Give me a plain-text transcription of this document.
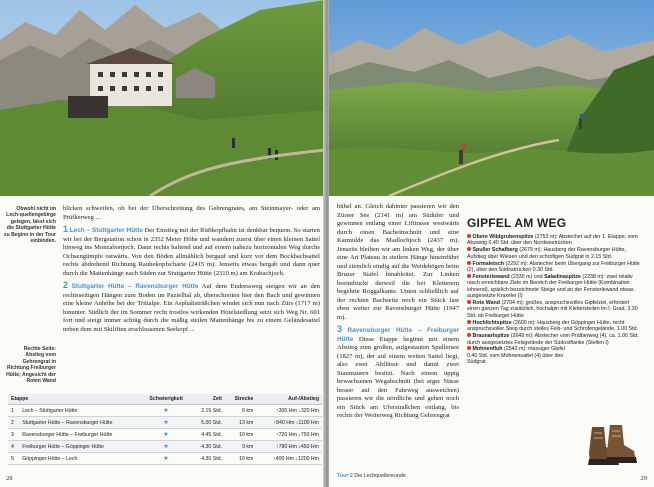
Obwohl nicht im Lech-quellengebirge gelegen, lässt sich die Stuttgarter Hütte zu Beginn in der Tour einbinden.
Rechte Seite: Abstieg vom Gehrengrat in Richtung Freiburger Hütte; Angesicht der Roten Wand

blicken schweifen, ob bei der Überschreitung des Gehrengrates, am Steinmayer- oder am Prüfkerweg ...

1 Lech – Stuttgarter Hütte Der Einstieg mit der Rüfikopfbahn ist denkbar bequem. So starten wir bei der Bergstation schon in 2352 Meter Höhe und wandern zuerst über einen kleinen Sattel hinweg ins Monzabonjoch. Dann rechts haltend und auf einem nahezu horizontalen Weg durchs Ochsengümpfe ostwärts. Von den Böden allmählich bergauf und kurz vor dem Bockbachsattel rechts abdrehend Richtung Rauhekopfscharte (2415 m). Jenseits etwas bergab und dann quer durch die Mattenhänge nach Süden zur Stuttgarter Hütte (2310 m) am Krabachjoch.

2 Stuttgarter Hütte – Ravensburger Hütte Auf dem Endressweg steigen wir an den rechtsseitigen Hängen zum Boden im Pazielltal ab, überschreiten hier den Bach und gewinnen eine kleine Anhöhe bei der Trittalpe. Ein Asphaltsträßchen windet sich nun nach Zürs (1717 m) hinunter. Südlich der im Sommer recht trostlos wirkenden Hotelsiedlung setzt sich Weg Nr. 601 fort und steigt immer schräg durch die mäßig steilen Mattenhänge bis zu einem Geländesattel neben dem mit Skiliften erschlossenen Seekopf ...

Etappe		Schwierigkeit	Zeit	Strecke	Auf-/Abstieg
1	Lech – Stuttgarter Hütte	★	2.15 Std.	6 km	↑300 Hm ↓320 Hm
2	Stuttgarter Hütte – Ravensburger Hütte	★	5.00 Std.	13 km	↑840 Hm ↓1100 Hm
3	Ravensburger Hütte – Freiburger Hütte	★	4.45 Std.	10 km	↑720 Hm ↓750 Hm
4	Freiburger Hütte – Göppinger Hütte	★	4.30 Std.	9 km	↑780 Hm ↓450 Hm
5	Göppinger Hütte – Lech	★	4.30 Std.	10 km	↑400 Hm ↓1200 Hm
28

bühel an. Gleich dahinter passieren wir den Zürser See (2141 m) am Südufer und gewinnen entlang einer Lifttrasse westwärts durch einen Bacheinschnitt und eine Karmulde das Madlochjoch (2437 m). Jenseits bleiben wir am linken Weg, der über eine Art Plateau in steilere Hänge hineinführt und ziemlich eindig auf die Weidebögen beim Bruzer Stafel hinableitet. Zur Linken beeindruckt derweil die bei Kletterern begehrte Roggalkante. Unten schließlich auf der rechten Bachseite noch ein Stück fast eben weiter zur Ravensburger Hütte (1947 m).

3 Ravensburger Hütte – Freiburger Hütte Diese Etappe beginnt mit einem Abstieg zum großen, aufgestauten Spullersee (1827 m), der auf einem weiten Sattel liegt, also zwei Abflüsse und damit zwei Staumauern besitzt. Nach einem üppig bewachsenen Wegabschnitt (bei arger Nässe besser auf den Fahrweg ausweichen) passieren wir die nördliche und gehen noch ein Stück am Uferstraßchen entlang, bis rechts der Weiterweg Richtung Gehrengrat

GIPFEL AM WEG
Obere Wildgrubenspitze (2753 m): Abstecher auf der 1. Etappe, vom Abzweig 0.40 Std. über den Nordwestrücken
Spuller Schafberg (2679 m): Hausberg der Ravensburger Hütte, Aufstieg über Wiesen und den schrofigen Südgrat in 2.15 Std.
Formaletsch (2292 m): Abstecher beim Übergang zur Freiburger Hütte (2), über den Südostrücken 0.30 Std.
Fensterlewand (2330 m) und Saladinaspitze (2238 m): zwei relativ rasch erreichbare Ziele im Bereich der Freiburger Hütte (Kombination lohnend), spärlich bezeichnete Steige und an der Fensterlewand etwas ausgesetzte Kraxelei (I)
Rote Wand (2704 m): großes, anspruchsvolles Gipfelziel, erfordert einen ganzen Tag zusätzlich, hochalpin mit Klettersteilen im I. Grad, 3.30 Std. ab Freiburger Hütte
Hochlichtspitze (2600 m): Hausberg der Göppinger Hütte, recht anspruchsvoller Steig durch steiles Fels- und Schrofengelände, 1.00 Std.
Braunarlspitze (2649 m): Abstecher vom Prälberweg (4), ca. 1.00 Std. durch ausgesetztes Felsgelände der Südostflanke (Stellen I)
Mohnenfluh (2542 m): massiger Gipfel 0.40 Std. vom Mohnensattel (4) über den Südgrat
Tour 2 Die Lechquellenrunde	29
